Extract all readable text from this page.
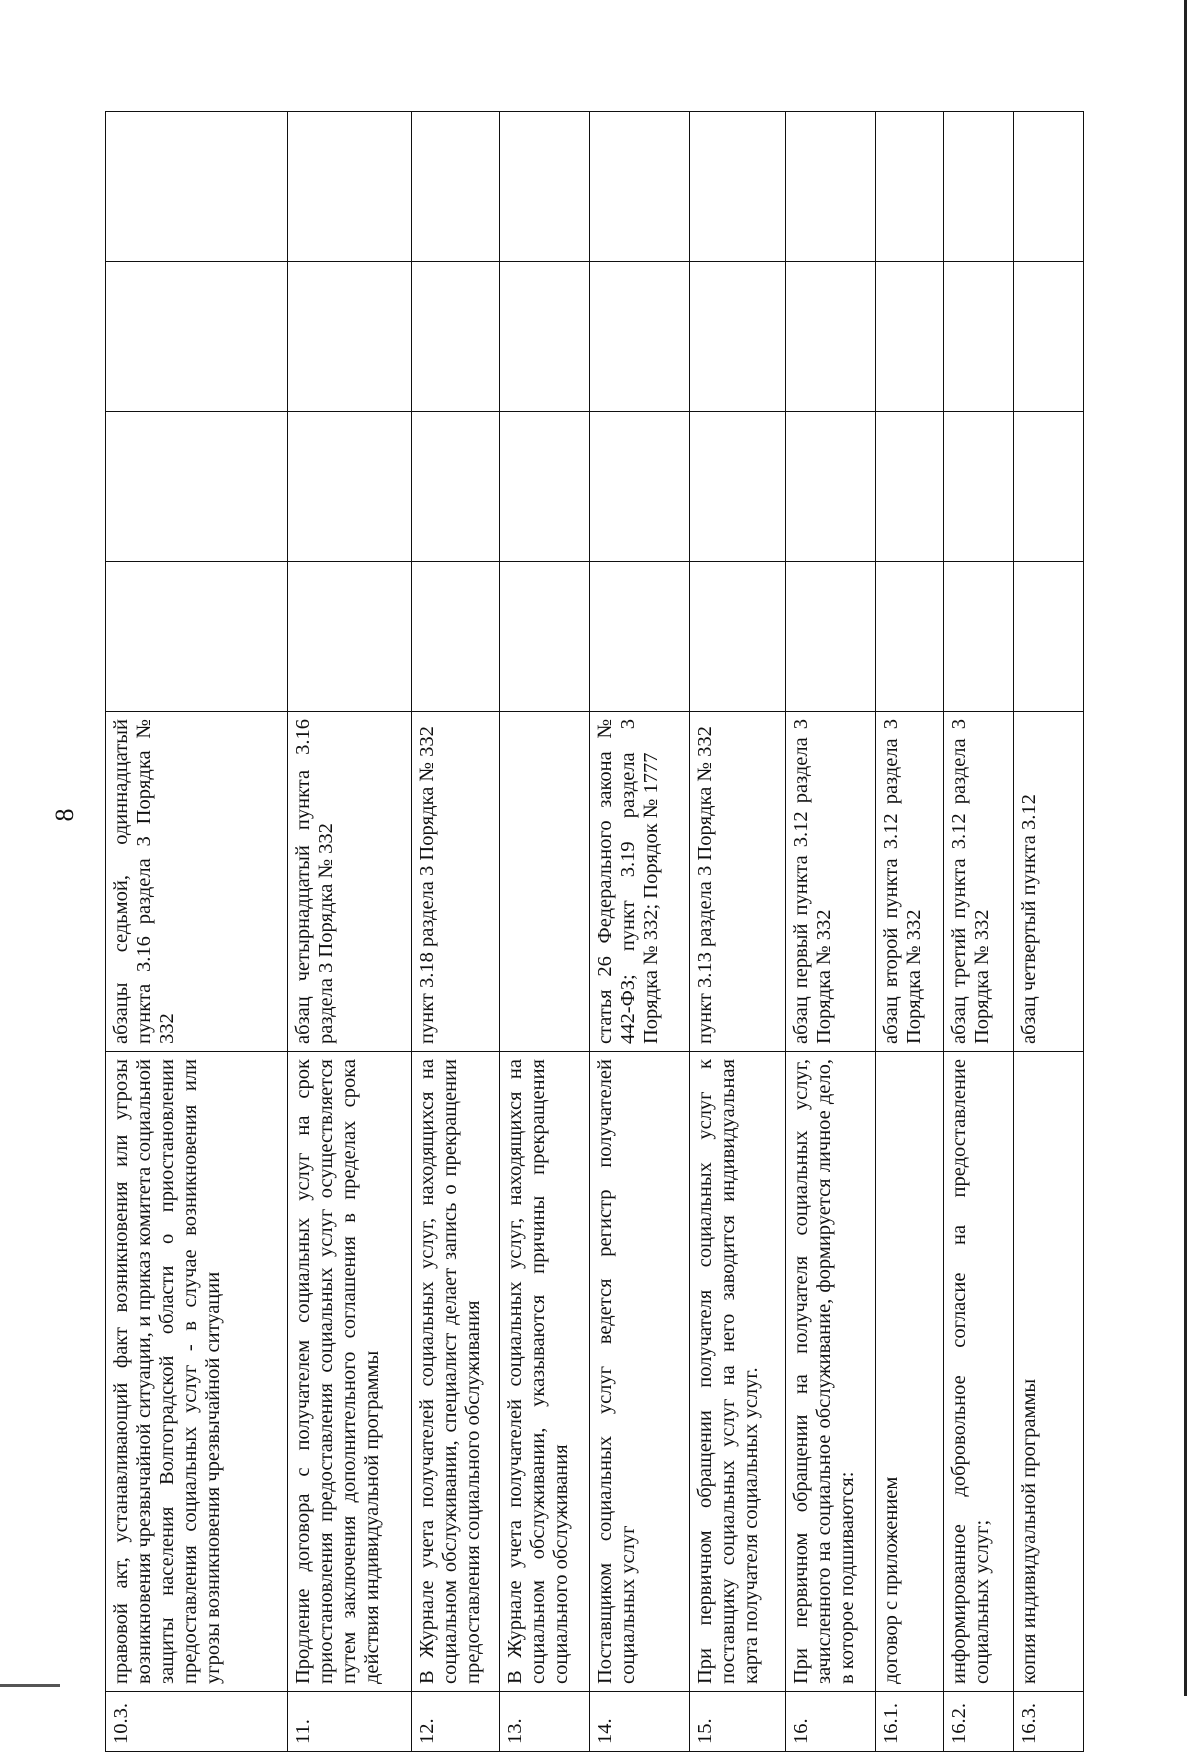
8
10.3.	правовой акт, устанавливающий факт возникновения или угрозы возникновения чрезвычайной ситуации, и приказ комитета социальной защиты населения Волгоградской области о приостановлении предоставления социальных услуг - в случае возникновения или угрозы возникновения чрезвычайной ситуации	абзацы седьмой, одиннадцатый пункта 3.16 раздела 3 Порядка № 332				
11.	Продление договора с получателем социальных услуг на срок приостановления предоставления социальных услуг осуществляется путем заключения дополнительного соглашения в пределах срока действия индивидуальной программы	абзац четырнадцатый пункта 3.16 раздела 3 Порядка № 332				
12.	В Журнале учета получателей социальных услуг, находящихся на социальном обслуживании, специалист делает запись о прекращении предоставления социального обслуживания	пункт 3.18 раздела 3 Порядка № 332				
13.	В Журнале учета получателей социальных услуг, находящихся на социальном обслуживании, указываются причины прекращения социального обслуживания					
14.	Поставщиком социальных услуг ведется регистр получателей социальных услуг	статья 26 Федерального закона № 442-ФЗ; пункт 3.19 раздела 3 Порядка № 332; Порядок № 1777				
15.	При первичном обращении получателя социальных услуг к поставщику социальных услуг на него заводится индивидуальная карта получателя социальных услуг.	пункт 3.13 раздела 3 Порядка № 332				
16.	При первичном обращении на получателя социальных услуг, зачисленного на социальное обслуживание, формируется личное дело, в которое подшиваются:	абзац первый пункта 3.12 раздела 3 Порядка № 332				
16.1.	договор с приложением	абзац второй пункта 3.12 раздела 3 Порядка № 332				
16.2.	информированное добровольное согласие на предоставление социальных услуг;	абзац третий пункта 3.12 раздела 3 Порядка № 332				
16.3.	копия индивидуальной программы	абзац четвертый пункта 3.12				
